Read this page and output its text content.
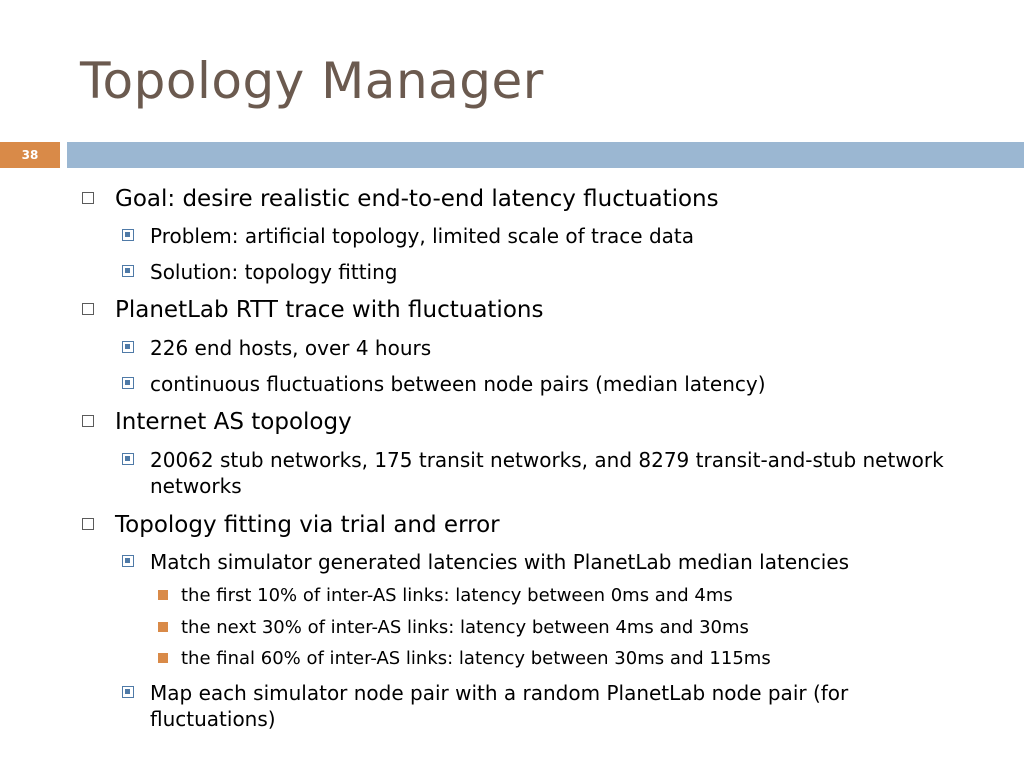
Topology Manager
38
Goal: desire realistic end-to-end latency fluctuations
Problem: artificial topology, limited scale of trace data
Solution: topology fitting
PlanetLab RTT trace with fluctuations
226 end hosts, over 4 hours
continuous fluctuations between node pairs (median latency)
Internet AS topology
20062 stub networks, 175 transit networks, and 8279 transit-and-stub network networks
Topology fitting via trial and error
Match simulator generated latencies with PlanetLab median latencies
the first 10% of inter-AS links: latency between 0ms and 4ms
the next 30% of inter-AS links: latency between 4ms and 30ms
the final 60% of inter-AS links: latency between 30ms and 115ms
Map each simulator node pair with a random PlanetLab node pair (for fluctuations)
